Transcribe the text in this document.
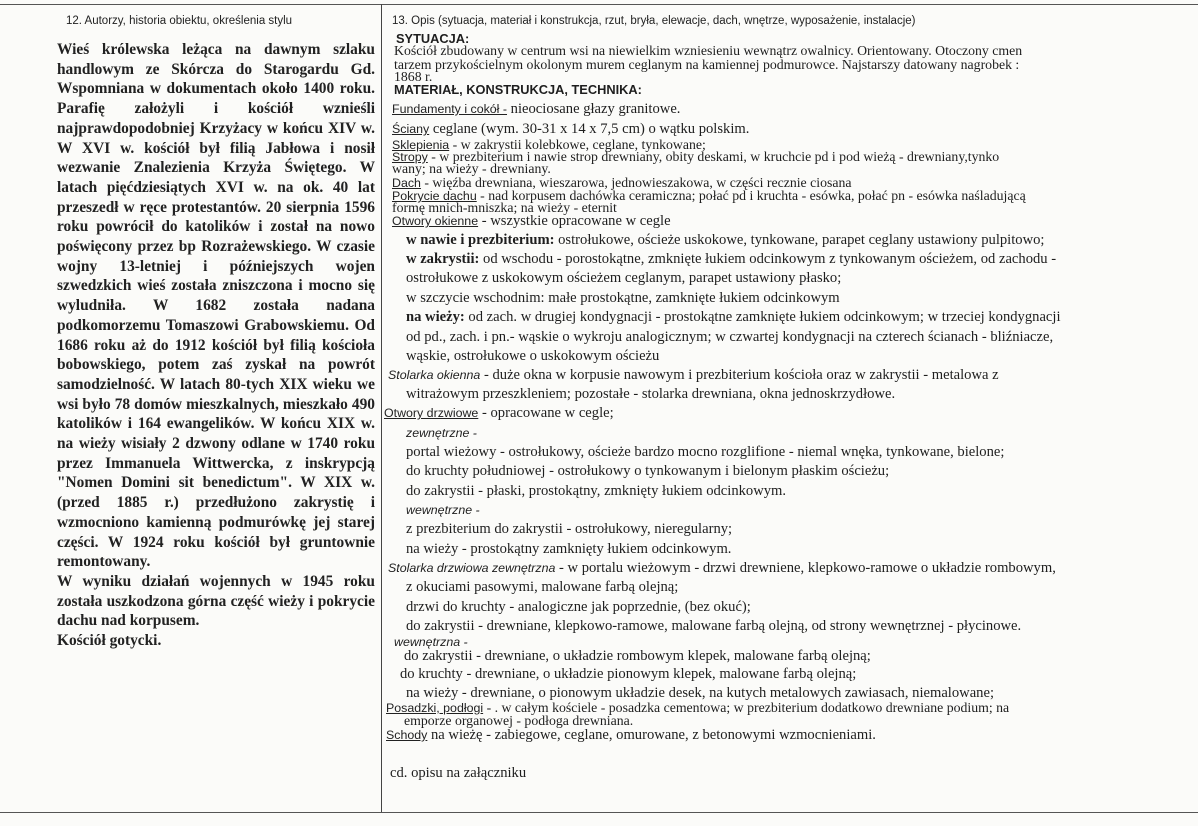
12. Autorzy, historia obiektu, określenia stylu	13. Opis (sytuacja, materiał i konstrukcja, rzut, bryła, elewacje, dach, wnętrze, wyposażenie, instalacje)

Wieś królewska leżąca na dawnym szlaku handlowym ze Skórcza do Starogardu Gd. Wspomniana w dokumentach około 1400 roku. Parafię założyli i kościół wznieśli najprawdopodobniej Krzyżacy w końcu XIV w. W XVI w. kościół był filią Jabłowa i nosił wezwanie Znalezienia Krzyża Świętego. W latach pięćdziesiątych XVI w. na ok. 40 lat przeszedł w ręce protestantów. 20 sierpnia 1596 roku powrócił do katolików i został na nowo poświęcony przez bp Rozrażewskiego. W czasie wojny 13-letniej i późniejszych wojen szwedzkich wieś została zniszczona i mocno się wyludniła. W 1682 została nadana podkomorzemu Tomaszowi Grabowskiemu. Od 1686 roku aż do 1912 kościół był filią kościoła bobowskiego, potem zaś zyskał na powrót samodzielność. W latach 80-tych XIX wieku we wsi było 78 domów mieszkalnych, mieszkało 490 katolików i 164 ewangelików. W końcu XIX w. na wieży wisiały 2 dzwony odlane w 1740 roku przez Immanuela Wittwercka, z inskrypcją "Nomen Domini sit benedictum". W XIX w. (przed 1885 r.) przedłużono zakrystię i wzmocniono kamienną podmurówkę jej starej części. W 1924 roku kościół był gruntownie remontowany.

W wyniku działań wojennych w 1945 roku została uszkodzona górna część wieży i pokrycie dachu nad korpusem.

Kościół gotycki.

SYTUACJA:
Kościół zbudowany w centrum wsi na niewielkim wzniesieniu wewnątrz owalnicy. Orientowany. Otoczony cmen
tarzem przykościelnym okolonym murem ceglanym na kamiennej podmurowce. Najstarszy datowany nagrobek :
1868 r.
MATERIAŁ, KONSTRUKCJA, TECHNIKA:
Fundamenty i cokół - nieociosane głazy granitowe.
Ściany ceglane (wym. 30-31 x 14 x 7,5 cm) o wątku polskim.
Sklepienia - w zakrystii kolebkowe, ceglane, tynkowane;
Stropy - w prezbiterium i nawie strop drewniany, obity deskami, w kruchcie pd i pod wieżą - drewniany,tynko
wany; na wieży - drewniany.
Dach - więźba drewniana, wieszarowa, jednowieszakowa, w części recznie ciosana
Pokrycie dachu - nad korpusem dachówka ceramiczna; połać pd i kruchta - esówka, połać pn - esówka naśladującą
formę mnich-mniszka; na wieży - eternit
Otwory okienne - wszystkie opracowane w cegle
w nawie i prezbiterium: ostrołukowe, ościeże uskokowe, tynkowane, parapet ceglany ustawiony pulpitowo;
w zakrystii: od wschodu - porostokątne, zmknięte łukiem odcinkowym z tynkowanym ościeżem, od zachodu -
ostrołukowe z uskokowym ościeżem ceglanym, parapet ustawiony płasko;
w szczycie wschodnim: małe prostokątne, zamknięte łukiem odcinkowym
na wieży: od zach. w drugiej kondygnacji - prostokątne zamknięte łukiem odcinkowym; w trzeciej kondygnacji
od pd., zach. i pn.- wąskie o wykroju analogicznym; w czwartej kondygnacji na czterech ścianach - bliźniacze,
wąskie, ostrołukowe o uskokowym ościeżu
Stolarka okienna - duże okna w korpusie nawowym i prezbiterium kościoła oraz w zakrystii - metalowa z
witrażowym przeszkleniem; pozostałe - stolarka drewniana, okna jednoskrzydłowe.
Otwory drzwiowe - opracowane w cegle;
zewnętrzne -
portal wieżowy - ostrołukowy, ościeże bardzo mocno rozglifione - niemal wnęka, tynkowane, bielone;
do kruchty południowej - ostrołukowy o tynkowanym i bielonym płaskim ościeżu;
do zakrystii - płaski, prostokątny, zmknięty łukiem odcinkowym.
wewnętrzne -
z prezbiterium do zakrystii - ostrołukowy, nieregularny;
na wieży - prostokątny zamknięty łukiem odcinkowym.
Stolarka drzwiowa zewnętrzna - w portalu wieżowym - drzwi drewniene, klepkowo-ramowe o układzie rombowym,
z okuciami pasowymi, malowane farbą olejną;
drzwi do kruchty - analogiczne jak poprzednie, (bez okuć);
do zakrystii - drewniane, klepkowo-ramowe, malowane farbą olejną, od strony wewnętrznej - płycinowe.
wewnętrzna -
do zakrystii - drewniane, o układzie rombowym klepek, malowane farbą olejną;
do kruchty - drewniane, o układzie pionowym klepek, malowane farbą olejną;
na wieży - drewniane, o pionowym układzie desek, na kutych metalowych zawiasach, niemalowane;
Posadzki, podłogi - . w całym kościele - posadzka cementowa; w prezbiterium dodatkowo drewniane podium; na
emporze organowej - podłoga drewniana.
Schody na wieżę - zabiegowe, ceglane, omurowane, z betonowymi wzmocnieniami.
cd. opisu na załączniku
